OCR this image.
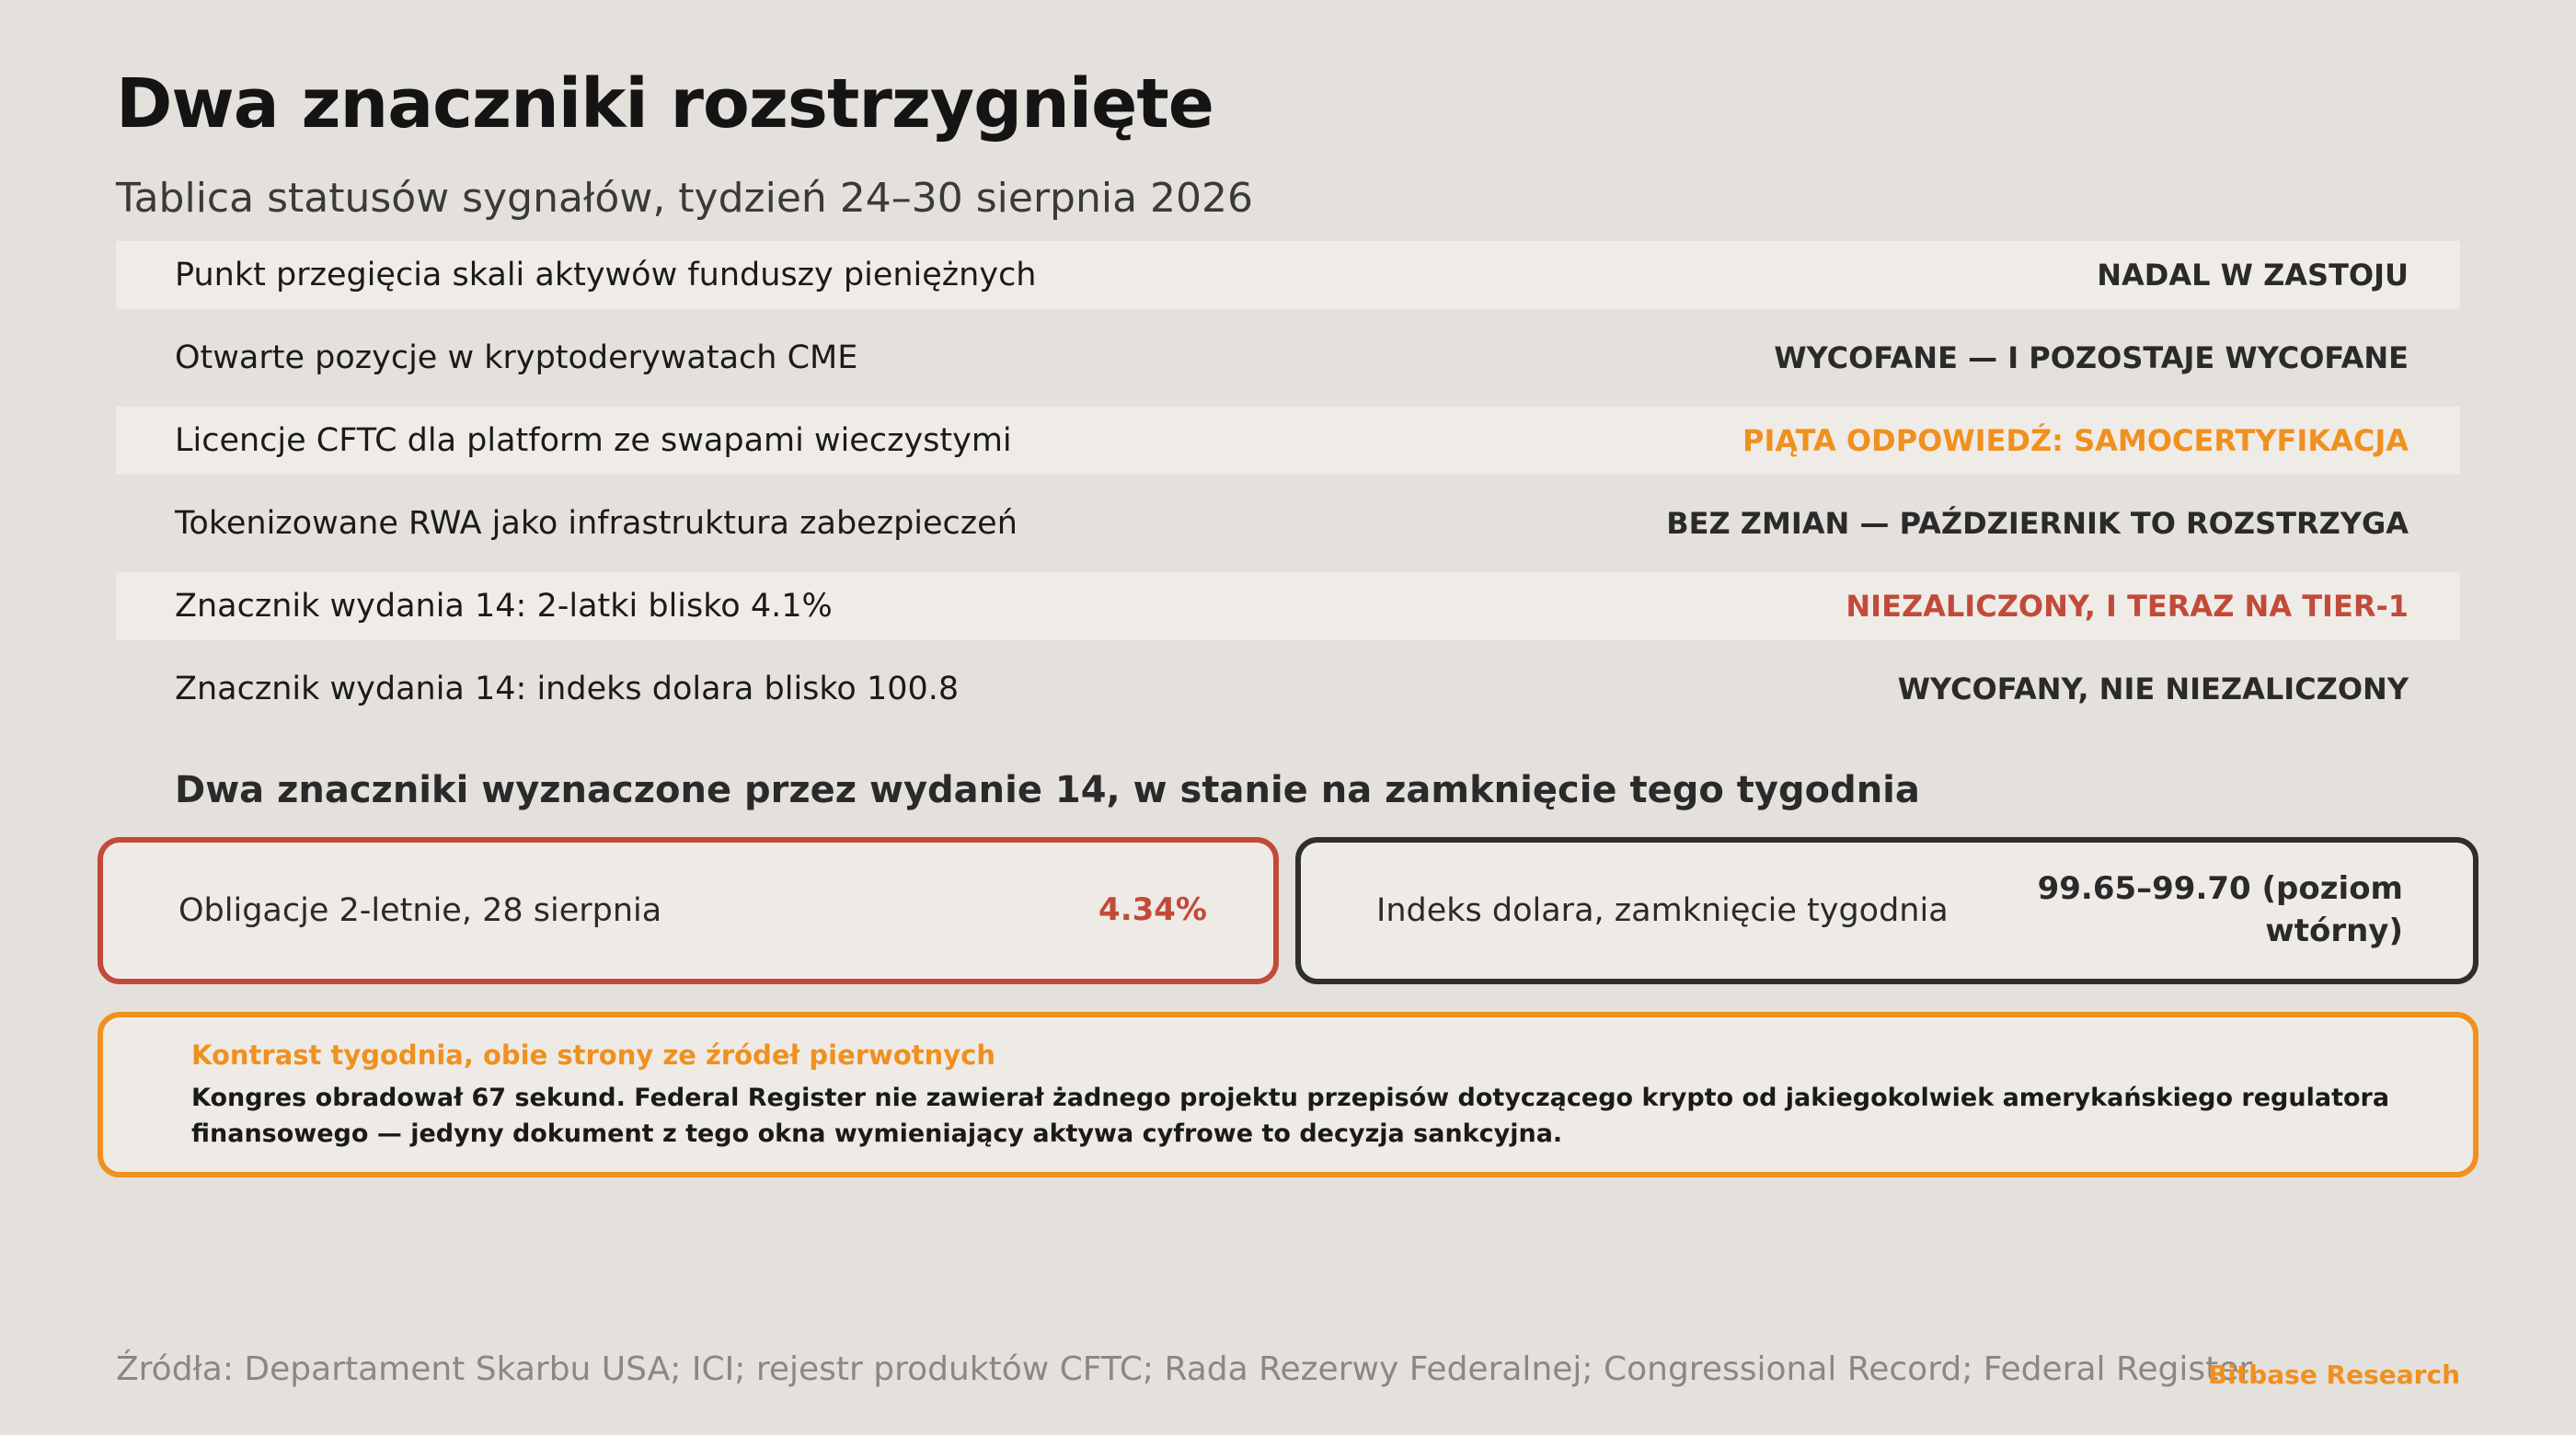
Dwa znaczniki rozstrzygnięte
Tablica statusów sygnałów, tydzień 24–30 sierpnia 2026
Punkt przegięcia skali aktywów funduszy pieniężnych	NADAL W ZASTOJU
Otwarte pozycje w kryptoderywatach CME	WYCOFANE — I POZOSTAJE WYCOFANE
Licencje CFTC dla platform ze swapami wieczystymi	PIĄTA ODPOWIEDŹ: SAMOCERTYFIKACJA
Tokenizowane RWA jako infrastruktura zabezpieczeń	BEZ ZMIAN — PAŹDZIERNIK TO ROZSTRZYGA
Znacznik wydania 14: 2-latki blisko 4.1%	NIEZALICZONY, I TERAZ NA TIER-1
Znacznik wydania 14: indeks dolara blisko 100.8	WYCOFANY, NIE NIEZALICZONY
Dwa znaczniki wyznaczone przez wydanie 14, w stanie na zamknięcie tego tygodnia
Obligacje 2-letnie, 28 sierpnia	4.34%	Indeks dolara, zamknięcie tygodnia
99.65–99.70 (poziom wtórny)
Kontrast tygodnia, obie strony ze źródeł pierwotnych

Kongres obradował 67 sekund. Federal Register nie zawierał żadnego projektu przepisów dotyczącego krypto od jakiegokolwiek amerykańskiego regulatora finansowego — jedyny dokument z tego okna wymieniający aktywa cyfrowe to decyzja sankcyjna.

Źródła: Departament Skarbu USA; ICI; rejestr produktów CFTC; Rada Rezerwy Federalnej; Congressional Record; Federal Register.
Bitbase Research
